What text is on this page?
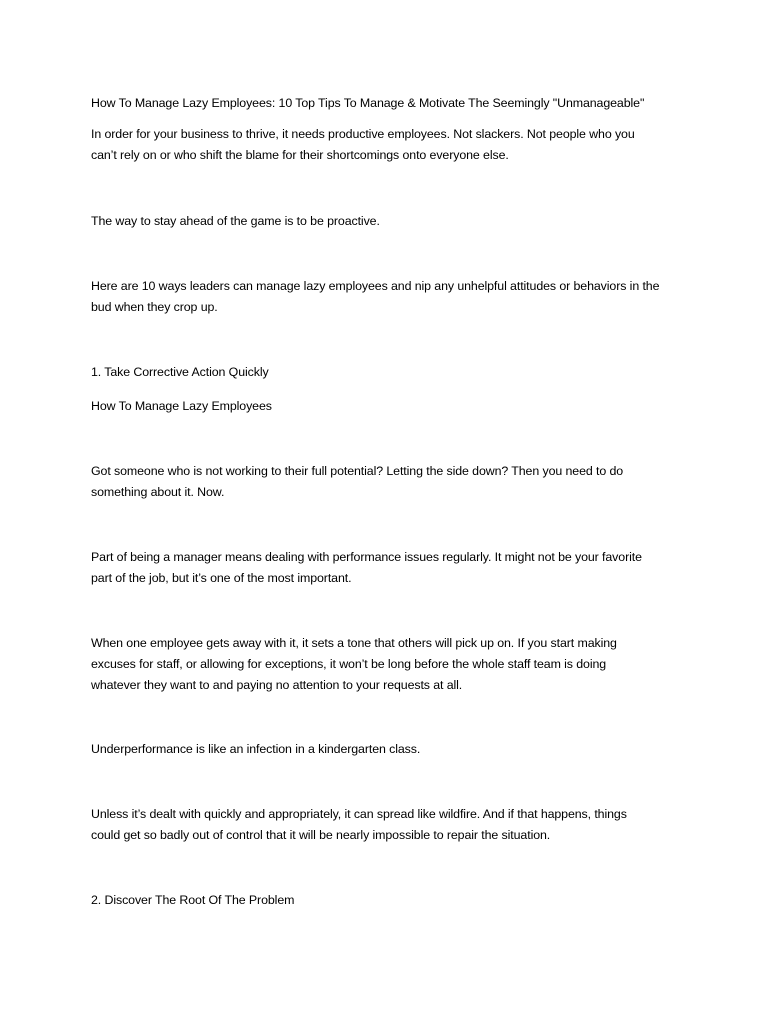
How To Manage Lazy Employees: 10 Top Tips To Manage & Motivate The Seemingly "Unmanageable"

In order for your business to thrive, it needs productive employees. Not slackers. Not people who you

can’t rely on or who shift the blame for their shortcomings onto everyone else.

The way to stay ahead of the game is to be proactive.

Here are 10 ways leaders can manage lazy employees and nip any unhelpful attitudes or behaviors in the

bud when they crop up.

1. Take Corrective Action Quickly

How To Manage Lazy Employees

Got someone who is not working to their full potential? Letting the side down? Then you need to do

something about it. Now.

Part of being a manager means dealing with performance issues regularly. It might not be your favorite

part of the job, but it’s one of the most important.

When one employee gets away with it, it sets a tone that others will pick up on. If you start making

excuses for staff, or allowing for exceptions, it won’t be long before the whole staff team is doing

whatever they want to and paying no attention to your requests at all.

Underperformance is like an infection in a kindergarten class.

Unless it’s dealt with quickly and appropriately, it can spread like wildfire. And if that happens, things

could get so badly out of control that it will be nearly impossible to repair the situation.

2. Discover The Root Of The Problem
